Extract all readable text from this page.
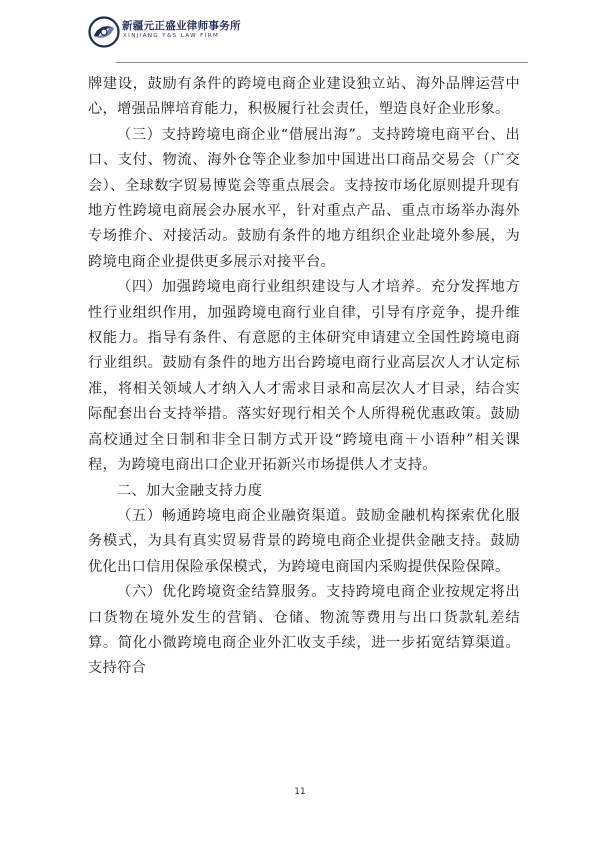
新疆元正盛业律师事务所
XINJIANG Y&S LAW FIRM

牌建设，鼓励有条件的跨境电商企业建设独立站、海外品牌运营中心，增强品牌培育能力，积极履行社会责任，塑造良好企业形象。

（三）支持跨境电商企业“借展出海”。支持跨境电商平台、出口、支付、物流、海外仓等企业参加中国进出口商品交易会（广交会）、全球数字贸易博览会等重点展会。支持按市场化原则提升现有地方性跨境电商展会办展水平，针对重点产品、重点市场举办海外专场推介、对接活动。鼓励有条件的地方组织企业赴境外参展，为跨境电商企业提供更多展示对接平台。

（四）加强跨境电商行业组织建设与人才培养。充分发挥地方性行业组织作用，加强跨境电商行业自律，引导有序竞争，提升维权能力。指导有条件、有意愿的主体研究申请建立全国性跨境电商行业组织。鼓励有条件的地方出台跨境电商行业高层次人才认定标准，将相关领域人才纳入人才需求目录和高层次人才目录，结合实际配套出台支持举措。落实好现行相关个人所得税优惠政策。鼓励高校通过全日制和非全日制方式开设“跨境电商＋小语种”相关课程，为跨境电商出口企业开拓新兴市场提供人才支持。

二、加大金融支持力度

（五）畅通跨境电商企业融资渠道。鼓励金融机构探索优化服务模式，为具有真实贸易背景的跨境电商企业提供金融支持。鼓励优化出口信用保险承保模式，为跨境电商国内采购提供保险保障。

（六）优化跨境资金结算服务。支持跨境电商企业按规定将出口货物在境外发生的营销、仓储、物流等费用与出口货款轧差结算。简化小微跨境电商企业外汇收支手续，进一步拓宽结算渠道。支持符合

11
